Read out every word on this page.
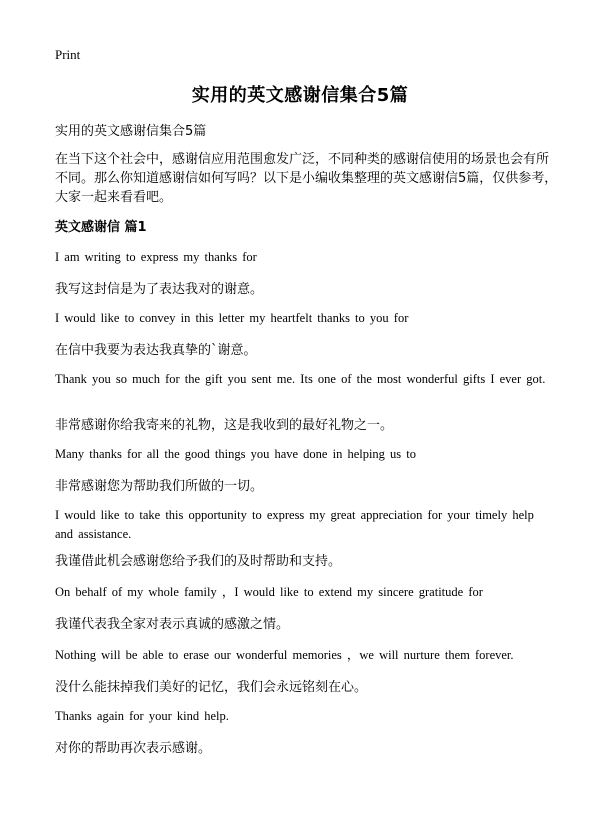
Print
实用的英文感谢信集合5篇
实用的英文感谢信集合5篇

在当下这个社会中，感谢信应用范围愈发广泛，不同种类的感谢信使用的场景也会有所不同。那么你知道感谢信如何写吗？以下是小编收集整理的英文感谢信5篇，仅供参考，大家一起来看看吧。

英文感谢信 篇1

I am writing to express my thanks for

我写这封信是为了表达我对的谢意。

I would like to convey in this letter my heartfelt thanks to you for

在信中我要为表达我真挚的`谢意。

Thank you so much for the gift you sent me. Its one of the most wonderful gifts I ever got.

非常感谢你给我寄来的礼物，这是我收到的最好礼物之一。

Many thanks for all the good things you have done in helping us to

非常感谢您为帮助我们所做的一切。

I would like to take this opportunity to express my great appreciation for your timely help and assistance.

我谨借此机会感谢您给予我们的及时帮助和支持。

On behalf of my whole family ，I would like to extend my sincere gratitude for

我谨代表我全家对表示真诚的感激之情。

Nothing will be able to erase our wonderful memories ，we will nurture them forever.

没什么能抹掉我们美好的记忆，我们会永远铭刻在心。

Thanks again for your kind help.

对你的帮助再次表示感谢。
